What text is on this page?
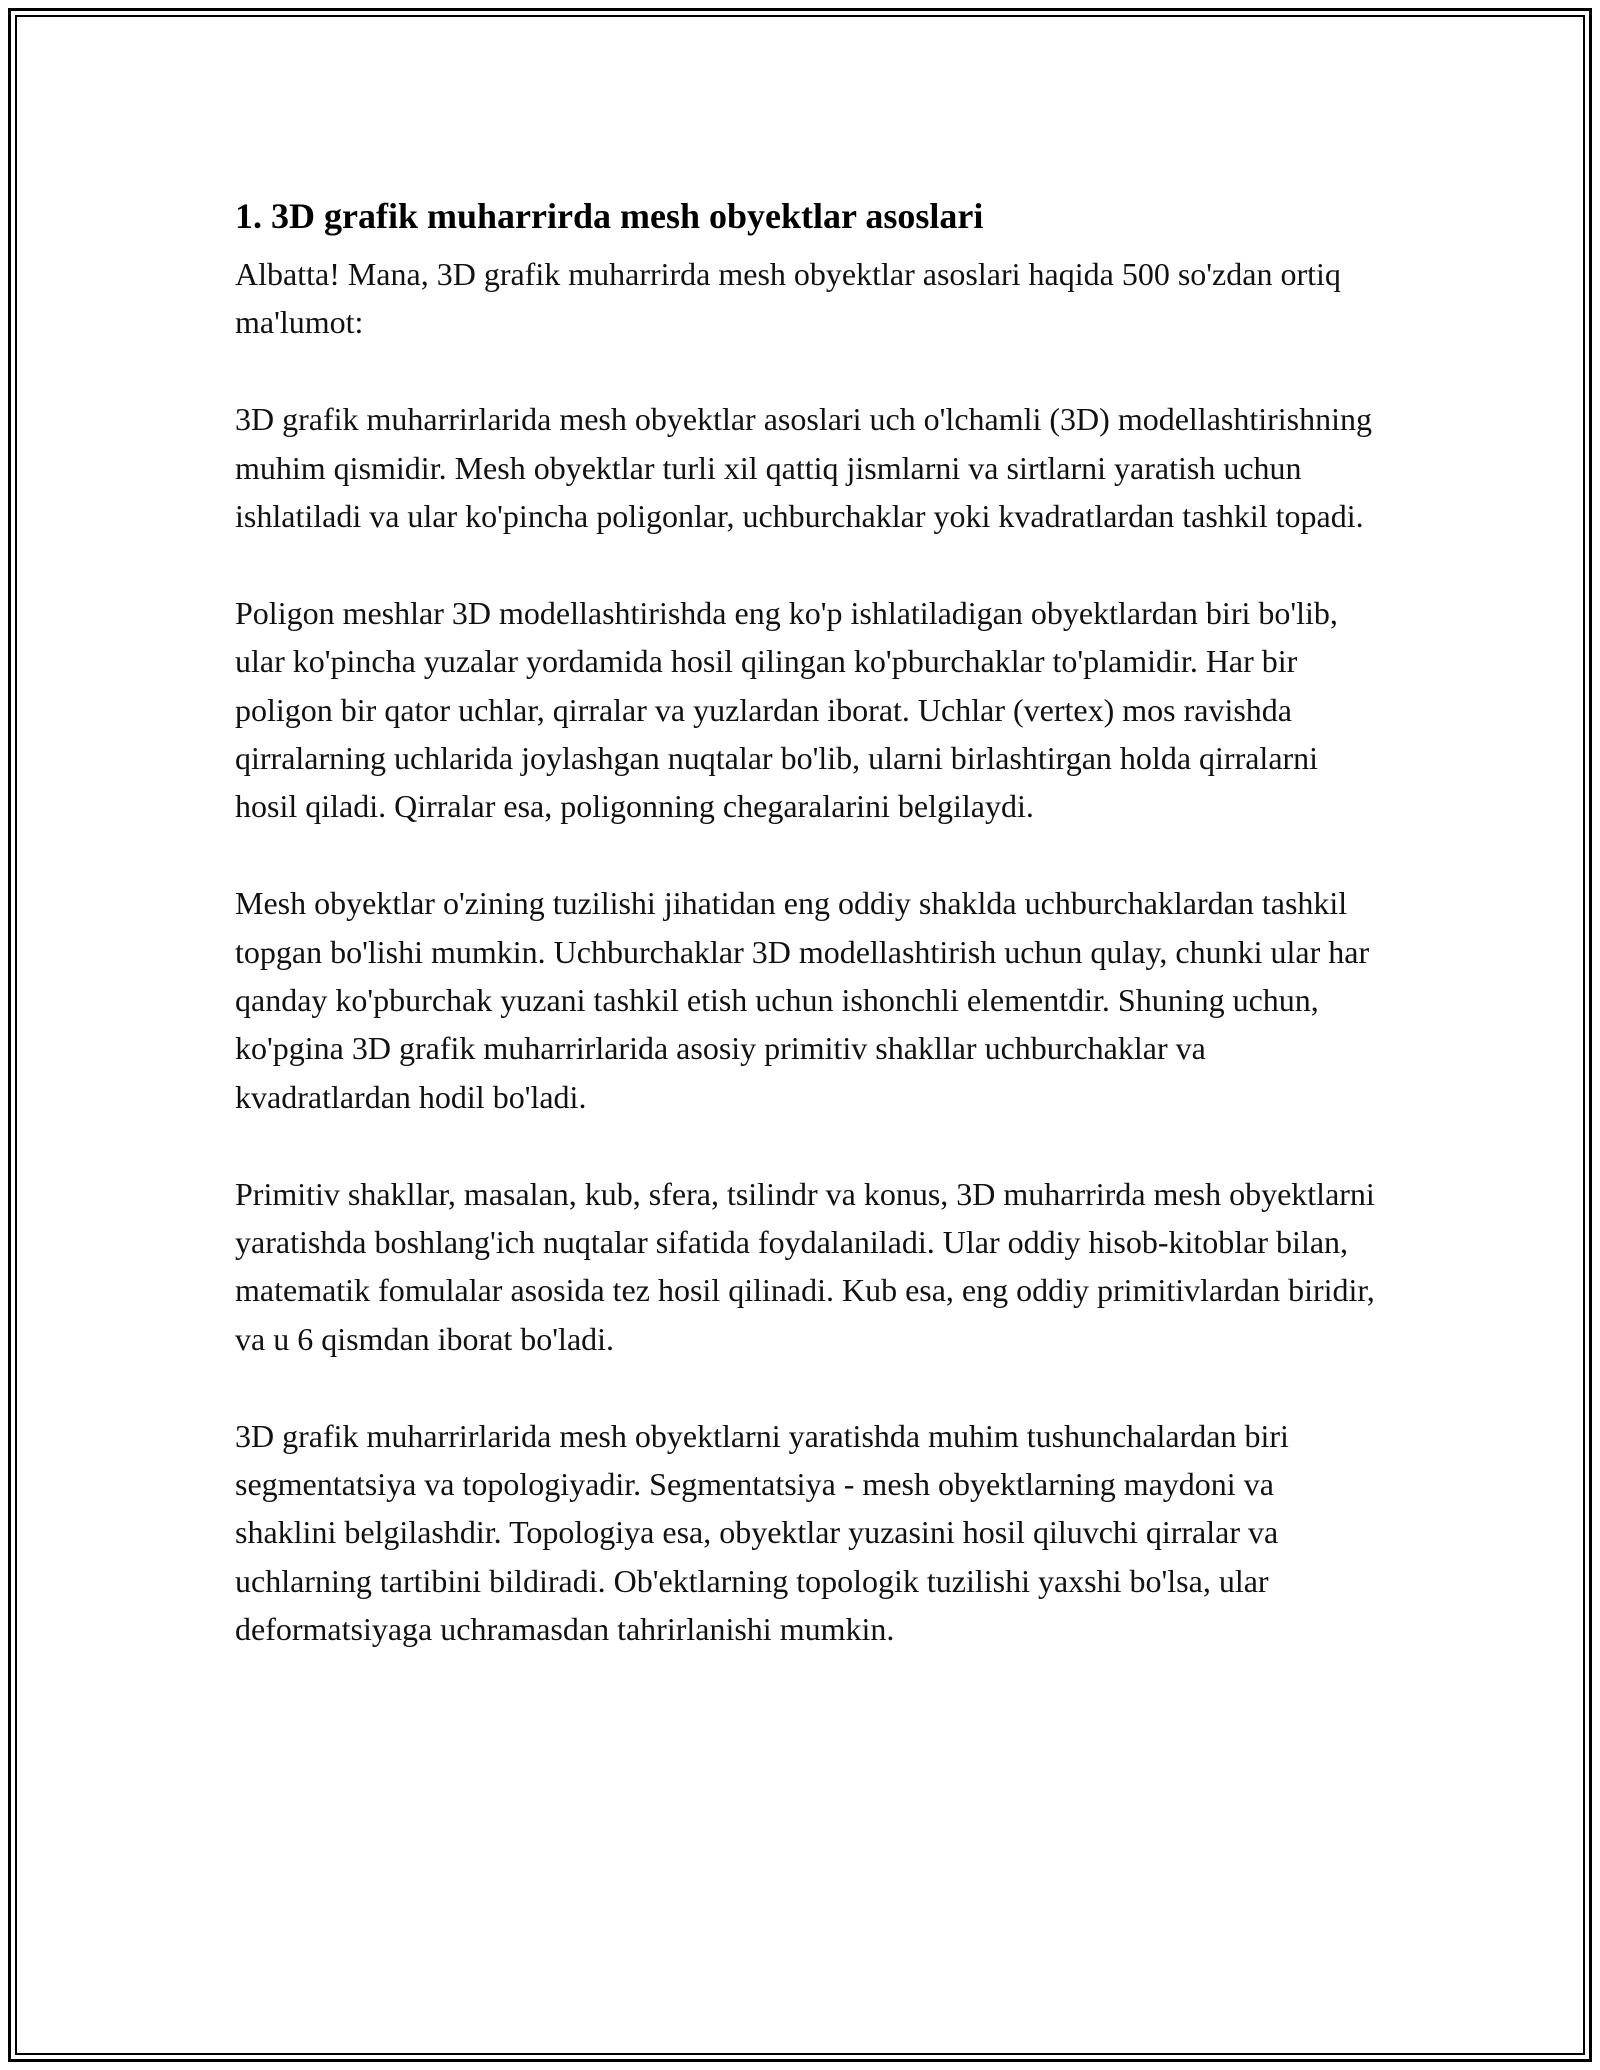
1. 3D grafik muharrirda mesh obyektlar asoslari

Albatta! Mana, 3D grafik muharrirda mesh obyektlar asoslari haqida 500 so'zdan ortiq ma'lumot:

3D grafik muharrirlarida mesh obyektlar asoslari uch o'lchamli (3D) modellashtirishning muhim qismidir. Mesh obyektlar turli xil qattiq jismlarni va sirtlarni yaratish uchun ishlatiladi va ular ko'pincha poligonlar, uchburchaklar yoki kvadratlardan tashkil topadi.

Poligon meshlar 3D modellashtirishda eng ko'p ishlatiladigan obyektlardan biri bo'lib, ular ko'pincha yuzalar yordamida hosil qilingan ko'pburchaklar to'plamidir. Har bir poligon bir qator uchlar, qirralar va yuzlardan iborat. Uchlar (vertex) mos ravishda qirralarning uchlarida joylashgan nuqtalar bo'lib, ularni birlashtirgan holda qirralarni hosil qiladi. Qirralar esa, poligonning chegaralarini belgilaydi.

Mesh obyektlar o'zining tuzilishi jihatidan eng oddiy shaklda uchburchaklardan tashkil topgan bo'lishi mumkin. Uchburchaklar 3D modellashtirish uchun qulay, chunki ular har qanday ko'pburchak yuzani tashkil etish uchun ishonchli elementdir. Shuning uchun, ko'pgina 3D grafik muharrirlarida asosiy primitiv shakllar uchburchaklar va kvadratlardan hodil bo'ladi.

Primitiv shakllar, masalan, kub, sfera, tsilindr va konus, 3D muharrirda mesh obyektlarni yaratishda boshlang'ich nuqtalar sifatida foydalaniladi. Ular oddiy hisob-kitoblar bilan, matematik fomulalar asosida tez hosil qilinadi. Kub esa, eng oddiy primitivlardan biridir, va u 6 qismdan iborat bo'ladi.

3D grafik muharrirlarida mesh obyektlarni yaratishda muhim tushunchalardan biri segmentatsiya va topologiyadir. Segmentatsiya - mesh obyektlarning maydoni va shaklini belgilashdir. Topologiya esa, obyektlar yuzasini hosil qiluvchi qirralar va uchlarning tartibini bildiradi. Ob'ektlarning topologik tuzilishi yaxshi bo'lsa, ular deformatsiyaga uchramasdan tahrirlanishi mumkin.
